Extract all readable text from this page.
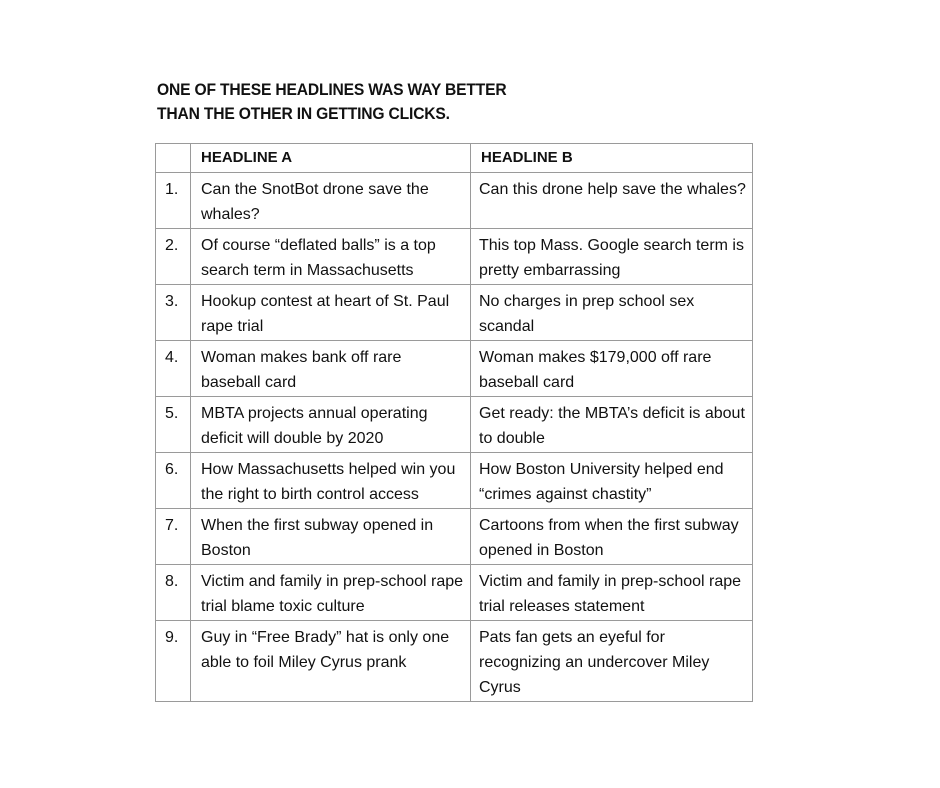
ONE OF THESE HEADLINES WAS WAY BETTER
THAN THE OTHER IN GETTING CLICKS.
	HEADLINE A	HEADLINE B
1.	Can the SnotBot drone save the whales?	Can this drone help save the whales?
2.	Of course “deflated balls” is a top search term in Massachusetts	This top Mass. Google search term is pretty embarrassing
3.	Hookup contest at heart of St. Paul rape trial	No charges in prep school sex scandal
4.	Woman makes bank off rare baseball card	Woman makes $179,000 off rare baseball card
5.	MBTA projects annual operating deficit will double by 2020	Get ready: the MBTA’s deficit is about to double
6.	How Massachusetts helped win you the right to birth control access	How Boston University helped end “crimes against chastity”
7.	When the first subway opened in Boston	Cartoons from when the first subway opened in Boston
8.	Victim and family in prep-school rape trial blame toxic culture	Victim and family in prep-school rape trial releases statement
9.	Guy in “Free Brady” hat is only one able to foil Miley Cyrus prank	Pats fan gets an eyeful for recognizing an undercover Miley Cyrus
